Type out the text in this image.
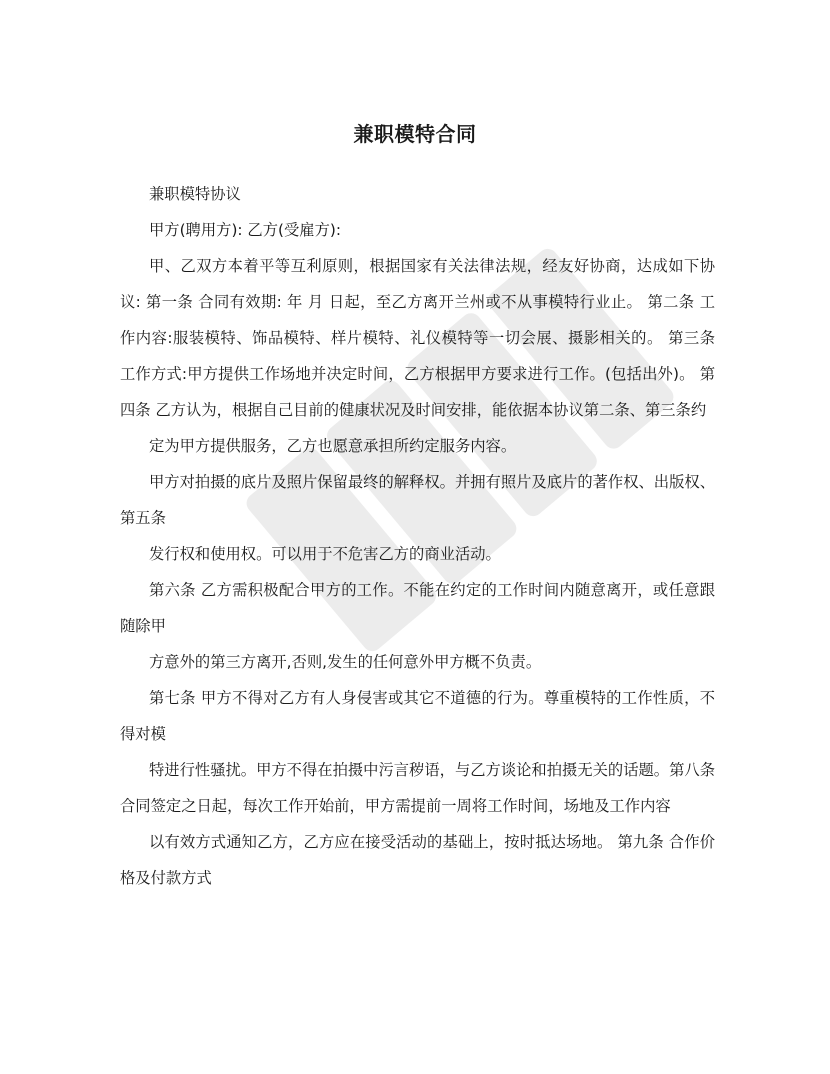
兼职模特合同

兼职模特协议

甲方(聘用方): 乙方(受雇方):

甲、乙双方本着平等互利原则，根据国家有关法律法规，经友好协商，达成如下协议: 第一条 合同有效期: 年 月 日起，至乙方离开兰州或不从事模特行业止。 第二条 工作内容:服装模特、饰品模特、样片模特、礼仪模特等一切会展、摄影相关的。 第三条 工作方式:甲方提供工作场地并决定时间，乙方根据甲方要求进行工作。(包括出外)。 第四条 乙方认为，根据自己目前的健康状况及时间安排，能依据本协议第二条、第三条约

定为甲方提供服务，乙方也愿意承担所约定服务内容。

甲方对拍摄的底片及照片保留最终的解释权。并拥有照片及底片的著作权、出版权、第五条

发行权和使用权。可以用于不危害乙方的商业活动。

第六条 乙方需积极配合甲方的工作。不能在约定的工作时间内随意离开，或任意跟随除甲

方意外的第三方离开,否则,发生的任何意外甲方概不负责。

第七条 甲方不得对乙方有人身侵害或其它不道德的行为。尊重模特的工作性质，不得对模

特进行性骚扰。甲方不得在拍摄中污言秽语，与乙方谈论和拍摄无关的话题。第八条 合同签定之日起，每次工作开始前，甲方需提前一周将工作时间，场地及工作内容

以有效方式通知乙方，乙方应在接受活动的基础上，按时抵达场地。 第九条 合作价格及付款方式
